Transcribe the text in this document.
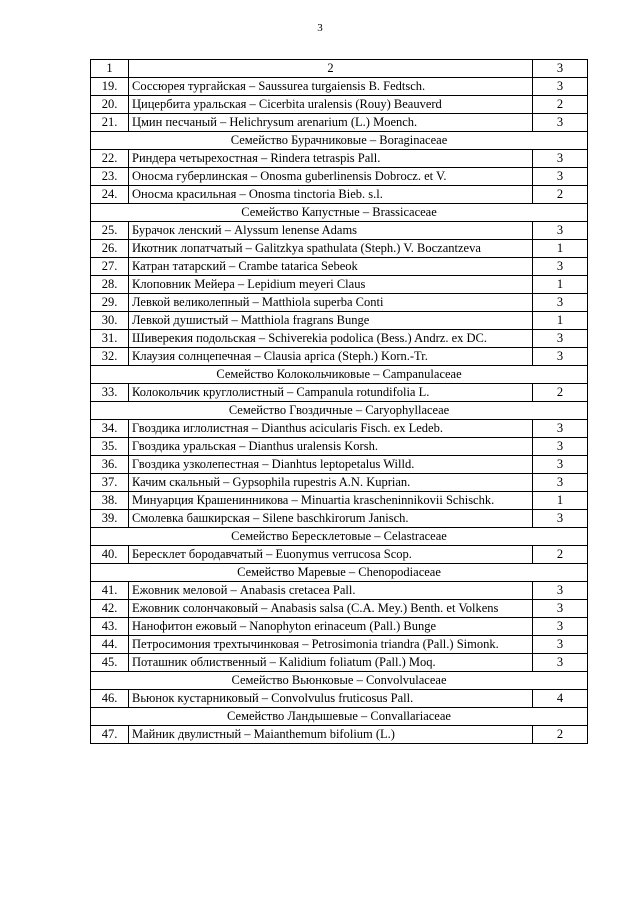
3
1	2	3
19.	Соссюрея тургайская – Saussurea turgaiensis B. Fedtsch.	3
20.	Цицербита уральская – Cicerbita uralensis (Rouy) Beauverd	2
21.	Цмин песчаный – Helichrysum arenarium (L.) Moench.	3
Семейство Бурачниковые – Boraginaceae		
22.	Риндера четырехостная – Rindera tetraspis Pall.	3
23.	Оносма губерлинская – Onosma guberlinensis Dobrocz. et V.	3
24.	Оносма красильная – Onosma tinctoria Bieb. s.l.	2
Семейство Капустные – Brassicaceae		
25.	Бурачок ленский – Alyssum lenense Adams	3
26.	Икотник лопатчатый – Galitzkya spathulata (Steph.) V. Boczantzeva	1
27.	Катран татарский – Crambe tatarica Sebeok	3
28.	Клоповник Мейера – Lepidium meyeri Claus	1
29.	Левкой великолепный – Matthiola superba Conti	3
30.	Левкой душистый – Matthiola fragrans Bunge	1
31.	Шиверекия подольская – Schiverekia podolica (Bess.) Andrz. ex DC.	3
32.	Клаузия солнцепечная – Clausia aprica (Steph.) Korn.-Tr.	3
Семейство Колокольчиковые – Campanulaceae		
33.	Колокольчик круглолистный – Campanula rotundifolia L.	2
Семейство Гвоздичные – Caryophyllaceae		
34.	Гвоздика иглолистная – Dianthus acicularis Fisch. ex Ledeb.	3
35.	Гвоздика уральская – Dianthus uralensis Korsh.	3
36.	Гвоздика узколепестная – Dianhtus leptopetalus Willd.	3
37.	Качим скальный – Gypsophila rupestris A.N. Kuprian.	3
38.	Минуарция Крашенинникова – Minuartia krascheninnikovii Schischk.	1
39.	Смолевка башкирская – Silene baschkirorum Janisch.	3
Семейство Бересклетовые – Celastraceae		
40.	Бересклет бородавчатый – Euonymus verrucosa Scop.	2
Семейство Маревые – Chenopodiaceae		
41.	Ежовник меловой – Anabasis cretacea Pall.	3
42.	Ежовник солончаковый – Anabasis salsa (C.A. Mey.) Benth. et Volkens	3
43.	Нанофитон ежовый – Nanophyton erinaceum (Pall.) Bunge	3
44.	Петросимония трехтычинковая – Petrosimonia triandra (Pall.) Simonk.	3
45.	Поташник облиственный – Kalidium foliatum (Pall.) Moq.	3
Семейство Вьюнковые – Convolvulaceae		
46.	Вьюнок кустарниковый – Convolvulus fruticosus Pall.	4
Семейство Ландышевые – Convallariaceae		
47.	Майник двулистный – Maianthemum bifolium (L.)	2
